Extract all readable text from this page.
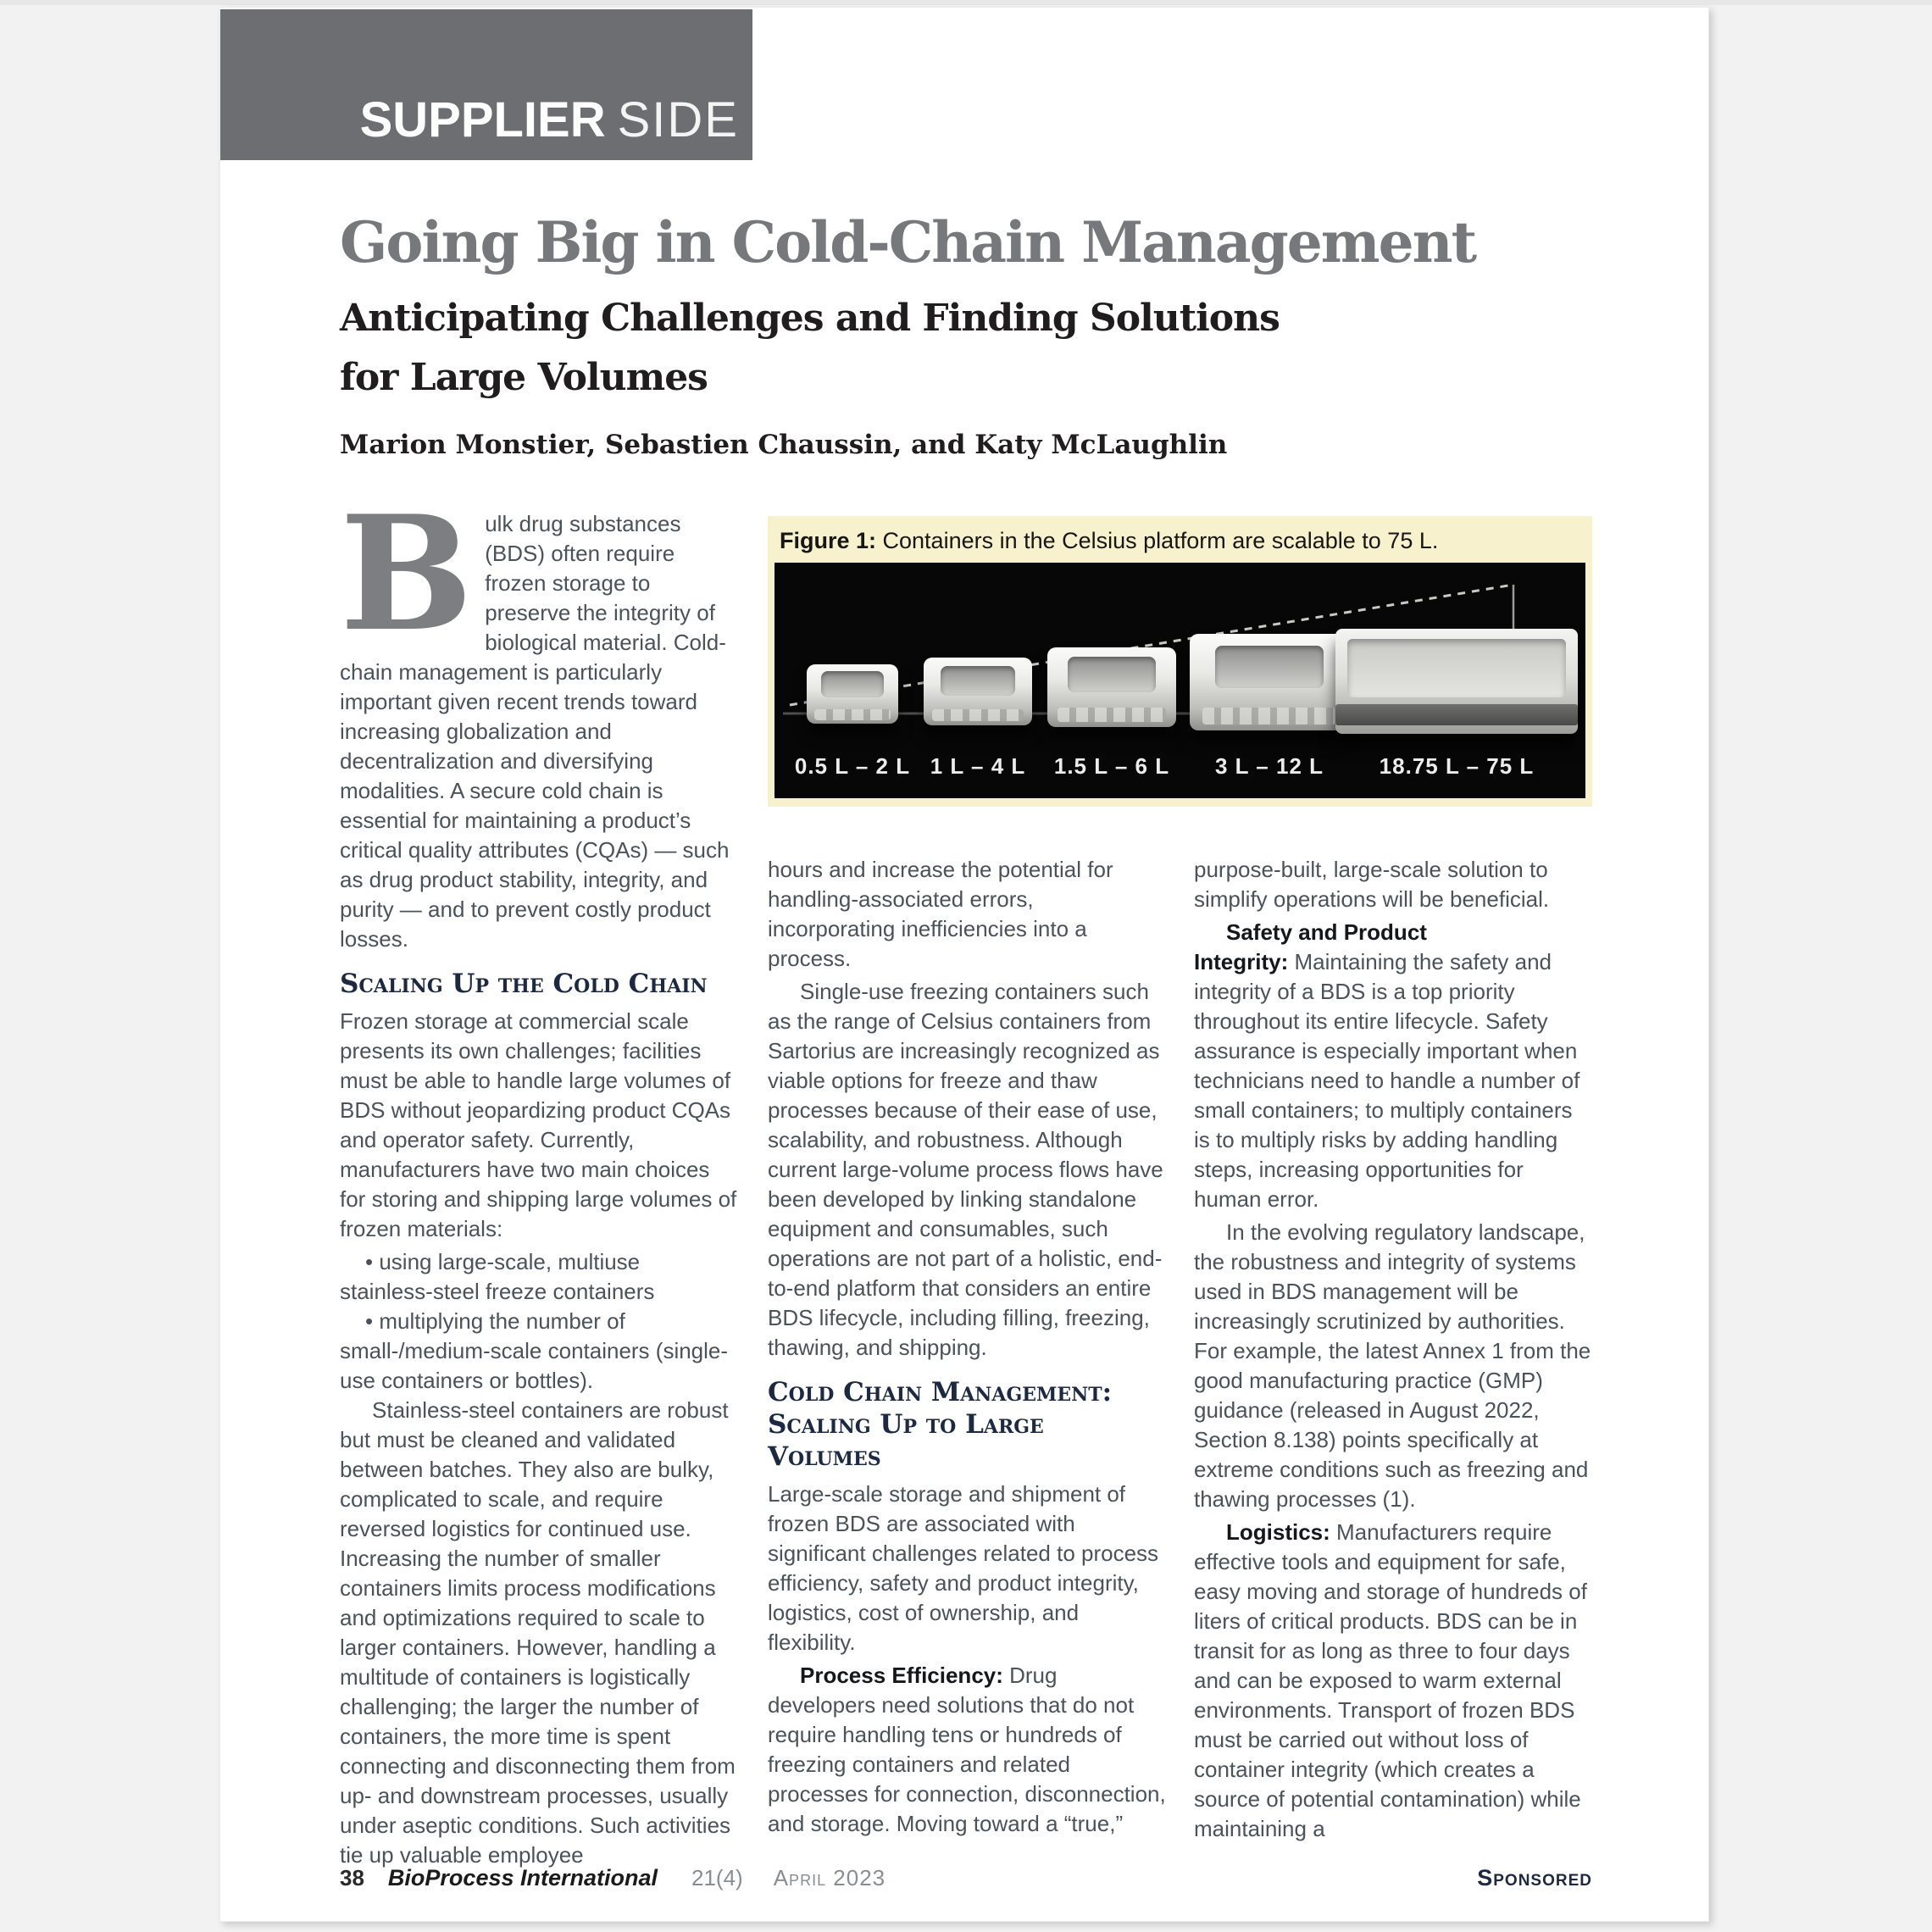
SUPPLIER SIDE
Going Big in Cold-Chain Management
Anticipating Challenges and Finding Solutions
for Large Volumes
Marion Monstier, Sebastien Chaussin, and Katy McLaughlin
Figure 1: Containers in the Celsius platform are scalable to 75 L.
0.5 L – 2 L 1 L – 4 L 1.5 L – 6 L 3 L – 12 L	18.75 L – 75 L

Bulk drug substances (BDS) often require frozen storage to preserve the integrity of biological material. Cold-chain management is particularly important given recent trends toward increasing globalization and decentralization and diversifying modalities. A secure cold chain is essential for maintaining a product’s critical quality attributes (CQAs) — such as drug product stability, integrity, and purity — and to prevent costly product losses.

Scaling Up the Cold Chain

Frozen storage at commercial scale presents its own challenges; facilities must be able to handle large volumes of BDS without jeopardizing product CQAs and operator safety. Currently, manufacturers have two main choices for storing and shipping large volumes of frozen materials:

• using large-scale, multiuse stainless-steel freeze containers

• multiplying the number of small-/medium-scale containers (single-use containers or bottles).

Stainless-steel containers are robust but must be cleaned and validated between batches. They also are bulky, complicated to scale, and require reversed logistics for continued use. Increasing the number of smaller containers limits process modifications and optimizations required to scale to larger containers. However, handling a multitude of containers is logistically challenging; the larger the number of containers, the more time is spent connecting and disconnecting them from up- and downstream processes, usually under aseptic conditions. Such activities tie up valuable employee

hours and increase the potential for handling-associated errors, incorporating inefficiencies into a process.

Single-use freezing containers such as the range of Celsius containers from Sartorius are increasingly recognized as viable options for freeze and thaw processes because of their ease of use, scalability, and robustness. Although current large-volume process flows have been developed by linking standalone equipment and consumables, such operations are not part of a holistic, end-to-end platform that considers an entire BDS lifecycle, including filling, freezing, thawing, and shipping.

Cold Chain Management: Scaling Up to Large Volumes

Large-scale storage and shipment of frozen BDS are associated with significant challenges related to process efficiency, safety and product integrity, logistics, cost of ownership, and flexibility.

Process Efficiency: Drug developers need solutions that do not require handling tens or hundreds of freezing containers and related processes for connection, disconnection, and storage. Moving toward a “true,”

purpose-built, large-scale solution to simplify operations will be beneficial.

Safety and Product Integrity: Maintaining the safety and integrity of a BDS is a top priority throughout its entire lifecycle. Safety assurance is especially important when technicians need to handle a number of small containers; to multiply containers is to multiply risks by adding handling steps, increasing opportunities for human error.

In the evolving regulatory landscape, the robustness and integrity of systems used in BDS management will be increasingly scrutinized by authorities. For example, the latest Annex 1 from the good manufacturing practice (GMP) guidance (released in August 2022, Section 8.138) points specifically at extreme conditions such as freezing and thawing processes (1).

Logistics: Manufacturers require effective tools and equipment for safe, easy moving and storage of hundreds of liters of critical products. BDS can be in transit for as long as three to four days and can be exposed to warm external environments. Transport of frozen BDS must be carried out without loss of container integrity (which creates a source of potential contamination) while maintaining a

38 BioProcess International 21(4) April 2023	Sponsored
